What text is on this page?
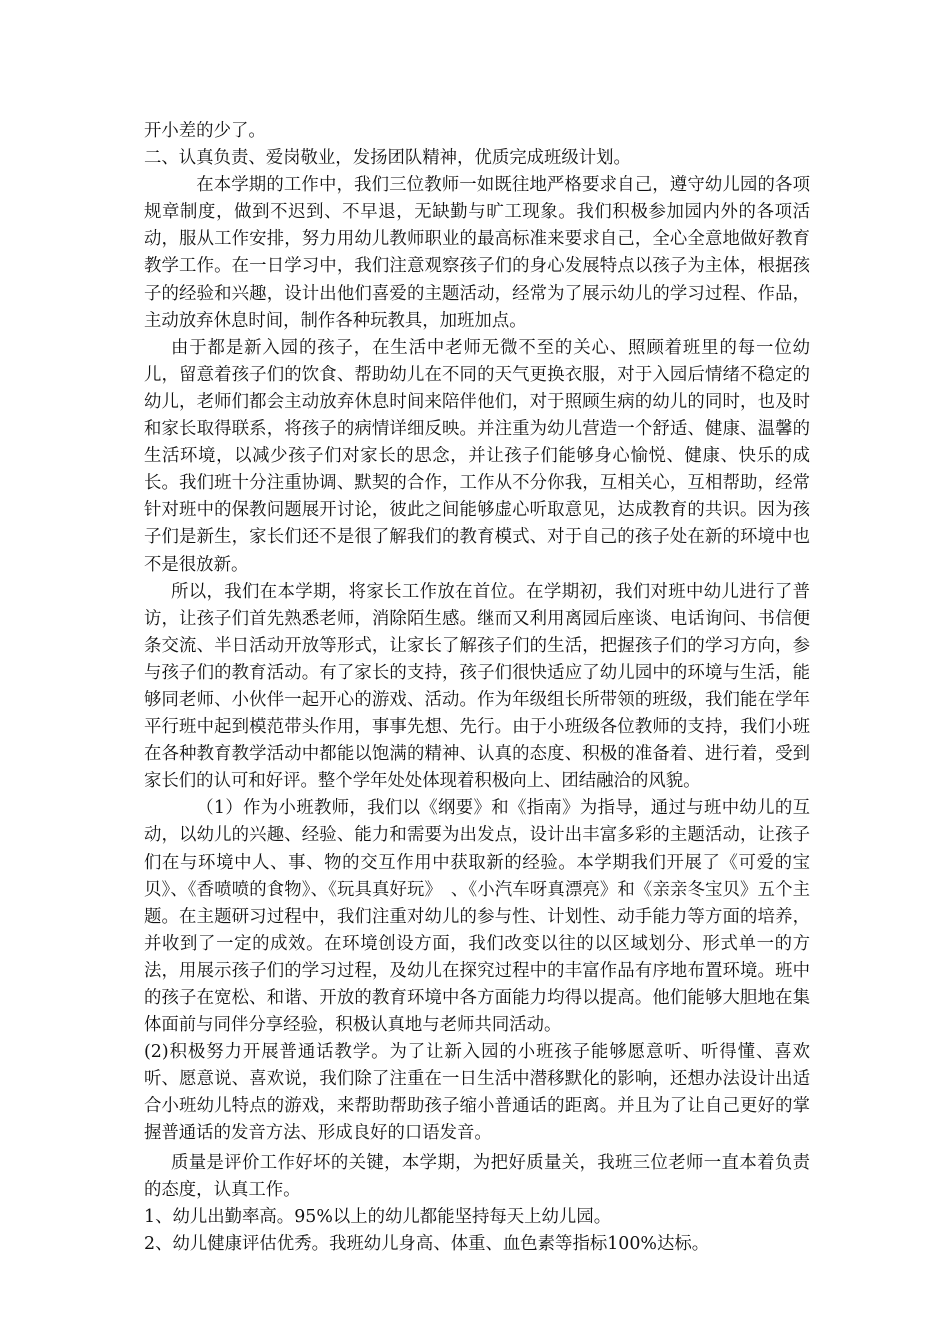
开小差的少了。

二、认真负责、爱岗敬业，发扬团队精神，优质完成班级计划。

在本学期的工作中，我们三位教师一如既往地严格要求自己，遵守幼儿园的各项规章制度，做到不迟到、不早退，无缺勤与旷工现象。我们积极参加园内外的各项活动，服从工作安排，努力用幼儿教师职业的最高标准来要求自己，全心全意地做好教育教学工作。在一日学习中，我们注意观察孩子们的身心发展特点以孩子为主体，根据孩子的经验和兴趣，设计出他们喜爱的主题活动，经常为了展示幼儿的学习过程、作品，主动放弃休息时间，制作各种玩教具，加班加点。

由于都是新入园的孩子，在生活中老师无微不至的关心、照顾着班里的每一位幼儿，留意着孩子们的饮食、帮助幼儿在不同的天气更换衣服，对于入园后情绪不稳定的幼儿，老师们都会主动放弃休息时间来陪伴他们，对于照顾生病的幼儿的同时，也及时和家长取得联系，将孩子的病情详细反映。并注重为幼儿营造一个舒适、健康、温馨的生活环境，以减少孩子们对家长的思念，并让孩子们能够身心愉悦、健康、快乐的成长。我们班十分注重协调、默契的合作，工作从不分你我，互相关心，互相帮助，经常针对班中的保教问题展开讨论，彼此之间能够虚心听取意见，达成教育的共识。因为孩子们是新生，家长们还不是很了解我们的教育模式、对于自己的孩子处在新的环境中也不是很放新。

所以，我们在本学期，将家长工作放在首位。在学期初，我们对班中幼儿进行了普访，让孩子们首先熟悉老师，消除陌生感。继而又利用离园后座谈、电话询问、书信便条交流、半日活动开放等形式，让家长了解孩子们的生活，把握孩子们的学习方向，参与孩子们的教育活动。有了家长的支持，孩子们很快适应了幼儿园中的环境与生活，能够同老师、小伙伴一起开心的游戏、活动。作为年级组长所带领的班级，我们能在学年平行班中起到模范带头作用，事事先想、先行。由于小班级各位教师的支持，我们小班在各种教育教学活动中都能以饱满的精神、认真的态度、积极的准备着、进行着，受到家长们的认可和好评。整个学年处处体现着积极向上、团结融洽的风貌。

（1）作为小班教师，我们以《纲要》和《指南》为指导，通过与班中幼儿的互动，以幼儿的兴趣、经验、能力和需要为出发点，设计出丰富多彩的主题活动，让孩子们在与环境中人、事、物的交互作用中获取新的经验。本学期我们开展了《可爱的宝贝》、《香喷喷的食物》、《玩具真好玩》　、《小汽车呀真漂亮》和《亲亲冬宝贝》五个主题。在主题研习过程中，我们注重对幼儿的参与性、计划性、动手能力等方面的培养，并收到了一定的成效。在环境创设方面，我们改变以往的以区域划分、形式单一的方法，用展示孩子们的学习过程，及幼儿在探究过程中的丰富作品有序地布置环境。班中的孩子在宽松、和谐、开放的教育环境中各方面能力均得以提高。他们能够大胆地在集体面前与同伴分享经验，积极认真地与老师共同活动。

(2)积极努力开展普通话教学。为了让新入园的小班孩子能够愿意听、听得懂、喜欢听、愿意说、喜欢说，我们除了注重在一日生活中潜移默化的影响，还想办法设计出适合小班幼儿特点的游戏，来帮助帮助孩子缩小普通话的距离。并且为了让自己更好的掌握普通话的发音方法、形成良好的口语发音。

质量是评价工作好坏的关键，本学期，为把好质量关，我班三位老师一直本着负责的态度，认真工作。

1、幼儿出勤率高。95%以上的幼儿都能坚持每天上幼儿园。

2、幼儿健康评估优秀。我班幼儿身高、体重、血色素等指标100%达标。
